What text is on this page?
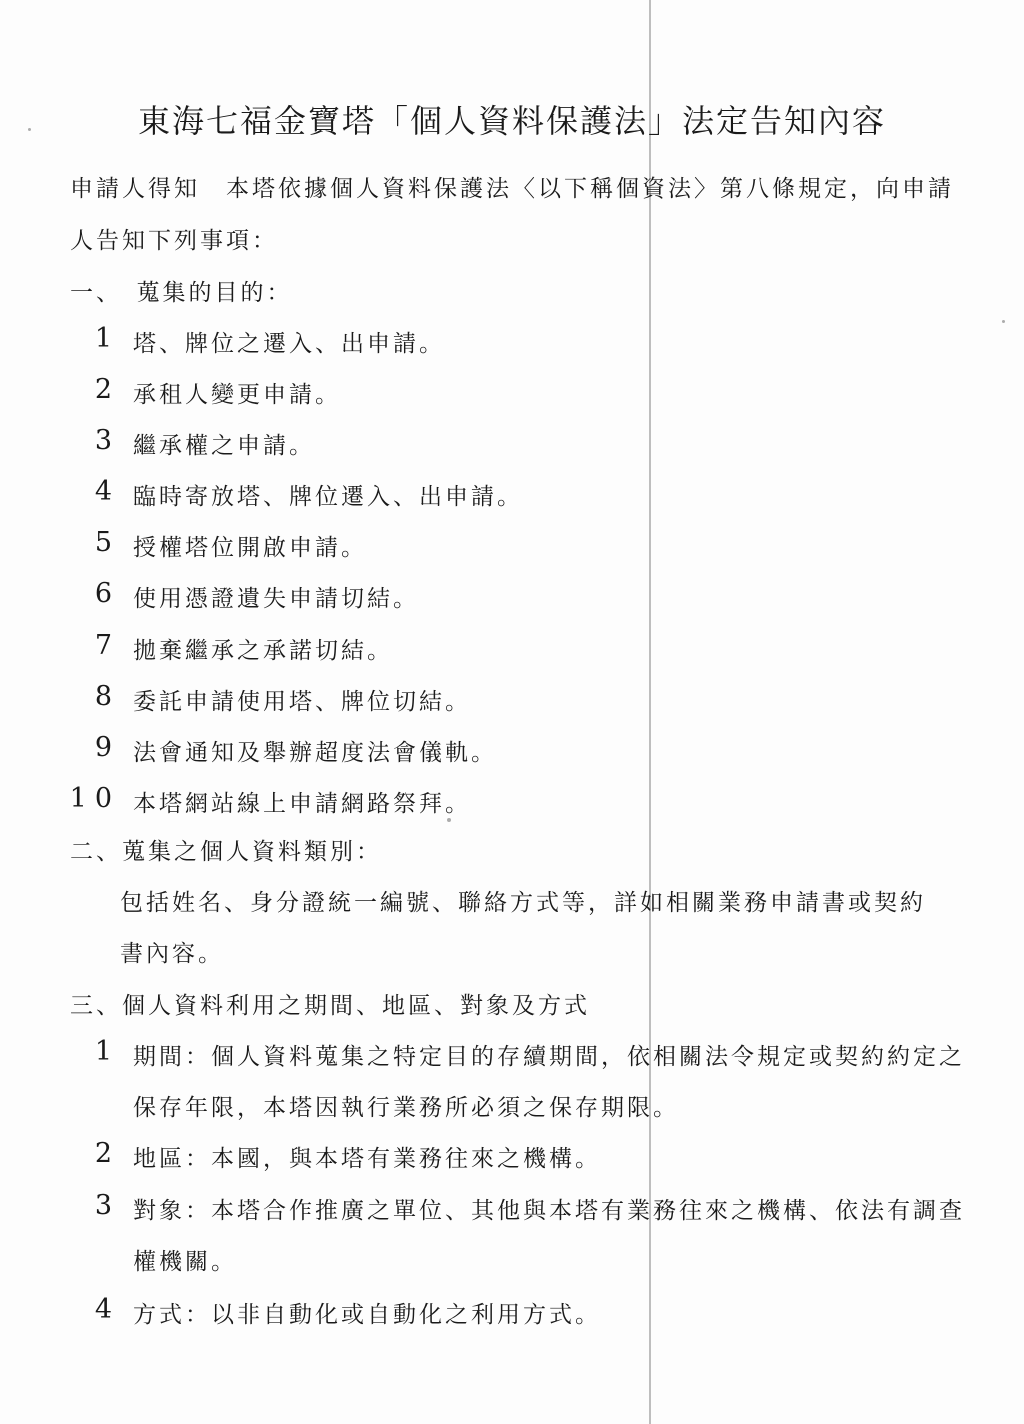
東海七福金寶塔「個人資料保護法」法定告知內容
申請人得知　本塔依據個人資料保護法〈以下稱個資法〉第八條規定，向申請
人告知下列事項：
一、　蒐集的目的：
1 塔、牌位之遷入、出申請。
2 承租人變更申請。
3 繼承權之申請。
4 臨時寄放塔、牌位遷入、出申請。
5 授權塔位開啟申請。
6 使用憑證遺失申請切結。
7 拋棄繼承之承諾切結。
8 委託申請使用塔、牌位切結。
9 法會通知及舉辦超度法會儀軌。
10 本塔網站線上申請網路祭拜。
二、蒐集之個人資料類別：
包括姓名、身分證統一編號、聯絡方式等，詳如相關業務申請書或契約
書內容。
三、個人資料利用之期間、地區、對象及方式
1 期間：個人資料蒐集之特定目的存續期間，依相關法令規定或契約約定之
保存年限，本塔因執行業務所必須之保存期限。
2 地區：本國，與本塔有業務往來之機構。
3 對象：本塔合作推廣之單位、其他與本塔有業務往來之機構、依法有調查
權機關。
4 方式：以非自動化或自動化之利用方式。
